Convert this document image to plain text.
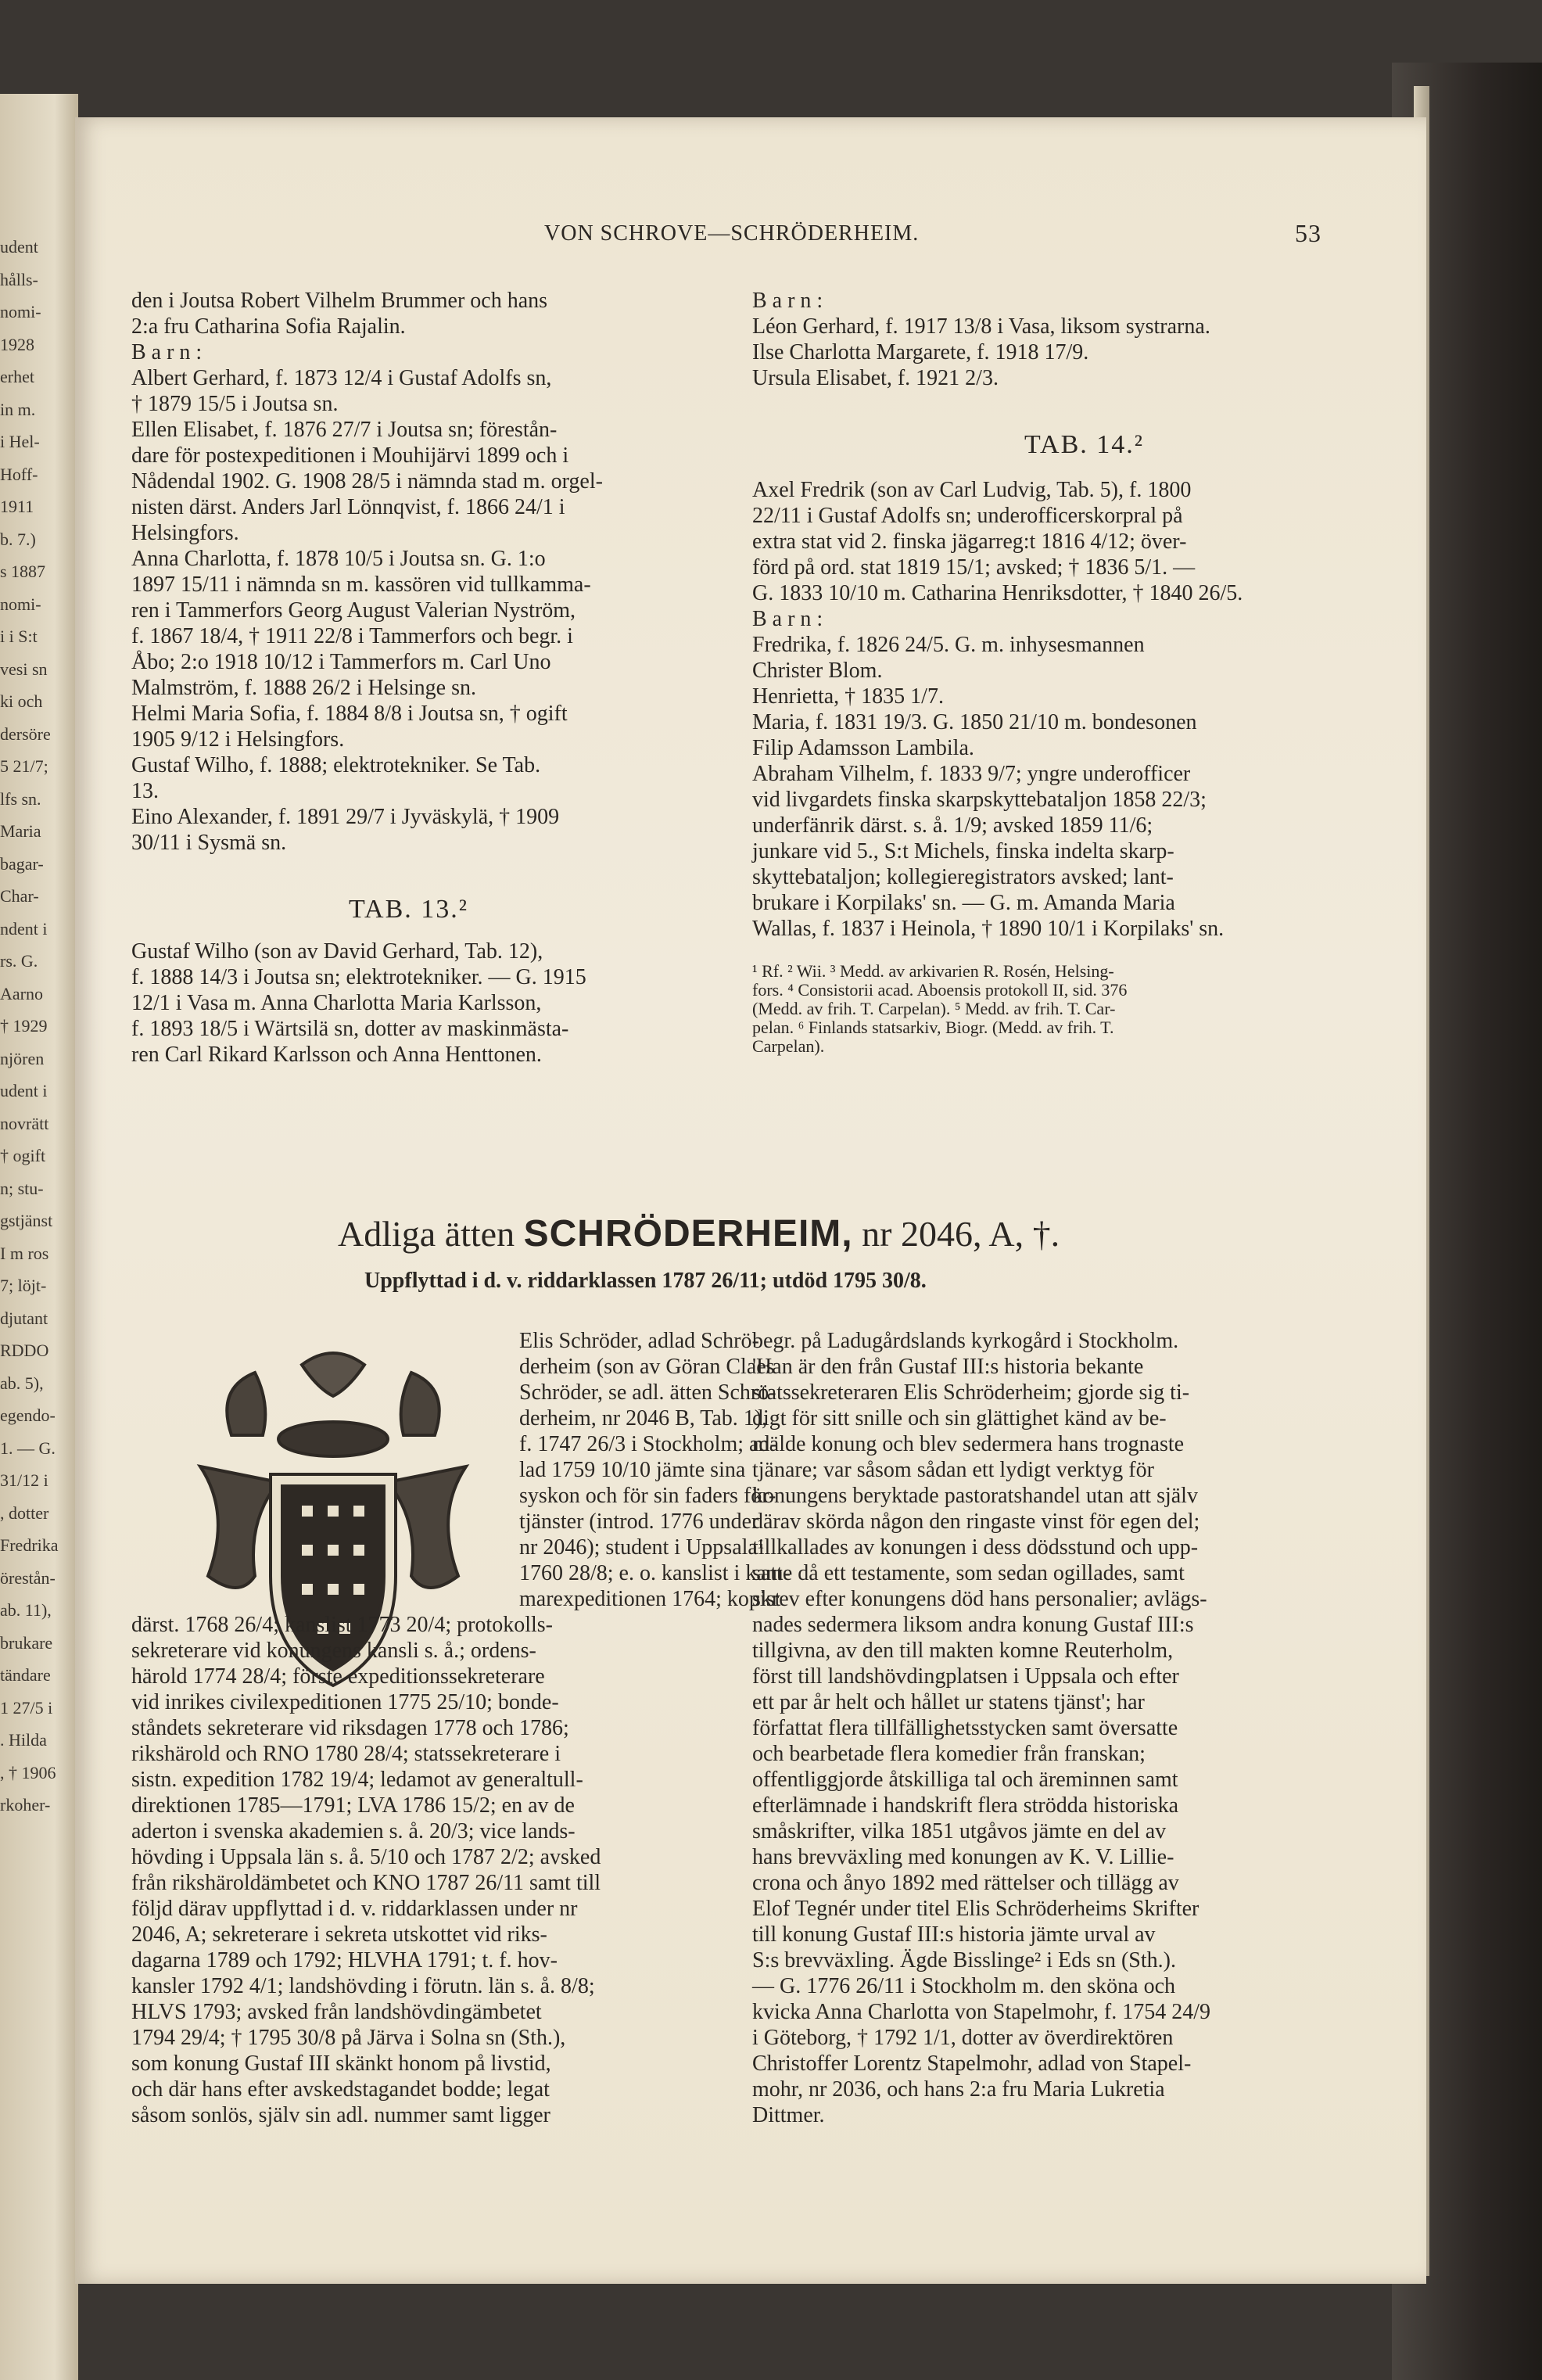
udent
hålls-
nomi-
1928
erhet
in m.
i Hel-
Hoff-
1911
b. 7.)
s 1887
nomi-
i i S:t
vesi sn
ki och
dersöre
5 21/7;
lfs sn.
Maria
bagar-
Char-
ndent i
rs. G.
Aarno
† 1929
njören
udent i
novrätt
† ogift
n; stu-
gstjänst
I m ros
7; löjt-
djutant
RDDO
ab. 5),
egendo-
1. — G.
31/12 i
, dotter
Fredrika
örestån-
ab. 11),
brukare
tändare
1 27/5 i
. Hilda
, † 1906
rkoher-
VON SCHROVE—SCHRÖDERHEIM.	53
den i Joutsa Robert Vilhelm Brummer och hans
2:a fru Catharina Sofia Rajalin.
B a r n :
Albert Gerhard, f. 1873 12/4 i Gustaf Adolfs sn,
† 1879 15/5 i Joutsa sn.
Ellen Elisabet, f. 1876 27/7 i Joutsa sn; förestån-
dare för postexpeditionen i Mouhijärvi 1899 och i
Nådendal 1902. G. 1908 28/5 i nämnda stad m. orgel-
nisten därst. Anders Jarl Lönnqvist, f. 1866 24/1 i
Helsingfors.
Anna Charlotta, f. 1878 10/5 i Joutsa sn. G. 1:o
1897 15/11 i nämnda sn m. kassören vid tullkamma-
ren i Tammerfors Georg August Valerian Nyström,
f. 1867 18/4, † 1911 22/8 i Tammerfors och begr. i
Åbo; 2:o 1918 10/12 i Tammerfors m. Carl Uno
Malmström, f. 1888 26/2 i Helsinge sn.
Helmi Maria Sofia, f. 1884 8/8 i Joutsa sn, † ogift
1905 9/12 i Helsingfors.
Gustaf Wilho, f. 1888; elektrotekniker. Se Tab.
13.
Eino Alexander, f. 1891 29/7 i Jyväskylä, † 1909
30/11 i Sysmä sn.
TAB. 13.²
Gustaf Wilho (son av David Gerhard, Tab. 12),
f. 1888 14/3 i Joutsa sn; elektrotekniker. — G. 1915
12/1 i Vasa m. Anna Charlotta Maria Karlsson,
f. 1893 18/5 i Wärtsilä sn, dotter av maskinmästa-
ren Carl Rikard Karlsson och Anna Henttonen.
B a r n :
Léon Gerhard, f. 1917 13/8 i Vasa, liksom systrarna.
Ilse Charlotta Margarete, f. 1918 17/9.
Ursula Elisabet, f. 1921 2/3.
TAB. 14.²
Axel Fredrik (son av Carl Ludvig, Tab. 5), f. 1800
22/11 i Gustaf Adolfs sn; underofficerskorpral på
extra stat vid 2. finska jägarreg:t 1816 4/12; över-
förd på ord. stat 1819 15/1; avsked; † 1836 5/1. —
G. 1833 10/10 m. Catharina Henriksdotter, † 1840 26/5.
B a r n :
Fredrika, f. 1826 24/5. G. m. inhysesmannen
Christer Blom.
Henrietta, † 1835 1/7.
Maria, f. 1831 19/3. G. 1850 21/10 m. bondesonen
Filip Adamsson Lambila.
Abraham Vilhelm, f. 1833 9/7; yngre underofficer
vid livgardets finska skarpskyttebataljon 1858 22/3;
underfänrik därst. s. å. 1/9; avsked 1859 11/6;
junkare vid 5., S:t Michels, finska indelta skarp-
skyttebataljon; kollegieregistrators avsked; lant-
brukare i Korpilaks' sn. — G. m. Amanda Maria
Wallas, f. 1837 i Heinola, † 1890 10/1 i Korpilaks' sn.
¹ Rf. ² Wii. ³ Medd. av arkivarien R. Rosén, Helsing-
fors. ⁴ Consistorii acad. Aboensis protokoll II, sid. 376
(Medd. av frih. T. Carpelan). ⁵ Medd. av frih. T. Car-
pelan. ⁶ Finlands statsarkiv, Biogr. (Medd. av frih. T.
Carpelan).
Adliga ätten SCHRÖDERHEIM, nr 2046, A, †.
Uppflyttad i d. v. riddarklassen 1787 26/11; utdöd 1795 30/8.
Elis Schröder, adlad Schrö-
derheim (son av Göran Claes
Schröder, se adl. ätten Schrö-
derheim, nr 2046 B, Tab. 1),
f. 1747 26/3 i Stockholm; ad-
lad 1759 10/10 jämte sina
syskon och för sin faders för-
tjänster (introd. 1776 under
nr 2046); student i Uppsala¹
1760 28/8; e. o. kanslist i kam-
marexpeditionen 1764; kopist
därst. 1768 26/4; kanslist 1773 20/4; protokolls-
sekreterare vid konungens kansli s. å.; ordens-
härold 1774 28/4; förste expeditionssekreterare
vid inrikes civilexpeditionen 1775 25/10; bonde-
ståndets sekreterare vid riksdagen 1778 och 1786;
rikshärold och RNO 1780 28/4; statssekreterare i
sistn. expedition 1782 19/4; ledamot av generaltull-
direktionen 1785—1791; LVA 1786 15/2; en av de
aderton i svenska akademien s. å. 20/3; vice lands-
hövding i Uppsala län s. å. 5/10 och 1787 2/2; avsked
från rikshäroldämbetet och KNO 1787 26/11 samt till
följd därav uppflyttad i d. v. riddarklassen under nr
2046, A; sekreterare i sekreta utskottet vid riks-
dagarna 1789 och 1792; HLVHA 1791; t. f. hov-
kansler 1792 4/1; landshövding i förutn. län s. å. 8/8;
HLVS 1793; avsked från landshövdingämbetet
1794 29/4; † 1795 30/8 på Järva i Solna sn (Sth.),
som konung Gustaf III skänkt honom på livstid,
och där hans efter avskedstagandet bodde; legat
såsom sonlös, själv sin adl. nummer samt ligger
begr. på Ladugårdslands kyrkogård i Stockholm.
'Han är den från Gustaf III:s historia bekante
statssekreteraren Elis Schröderheim; gjorde sig ti-
digt för sitt snille och sin glättighet känd av be-
mälde konung och blev sedermera hans trognaste
tjänare; var såsom sådan ett lydigt verktyg för
konungens beryktade pastoratshandel utan att själv
därav skörda någon den ringaste vinst för egen del;
tillkallades av konungen i dess dödsstund och upp-
satte då ett testamente, som sedan ogillades, samt
skrev efter konungens död hans personalier; avlägs-
nades sedermera liksom andra konung Gustaf III:s
tillgivna, av den till makten komne Reuterholm,
först till landshövdingplatsen i Uppsala och efter
ett par år helt och hållet ur statens tjänst'; har
författat flera tillfällighetsstycken samt översatte
och bearbetade flera komedier från franskan;
offentliggjorde åtskilliga tal och äreminnen samt
efterlämnade i handskrift flera strödda historiska
småskrifter, vilka 1851 utgåvos jämte en del av
hans brevväxling med konungen av K. V. Lillie-
crona och ånyo 1892 med rättelser och tillägg av
Elof Tegnér under titel Elis Schröderheims Skrifter
till konung Gustaf III:s historia jämte urval av
S:s brevväxling. Ägde Bisslinge² i Eds sn (Sth.).
— G. 1776 26/11 i Stockholm m. den sköna och
kvicka Anna Charlotta von Stapelmohr, f. 1754 24/9
i Göteborg, † 1792 1/1, dotter av överdirektören
Christoffer Lorentz Stapelmohr, adlad von Stapel-
mohr, nr 2036, och hans 2:a fru Maria Lukretia
Dittmer.
